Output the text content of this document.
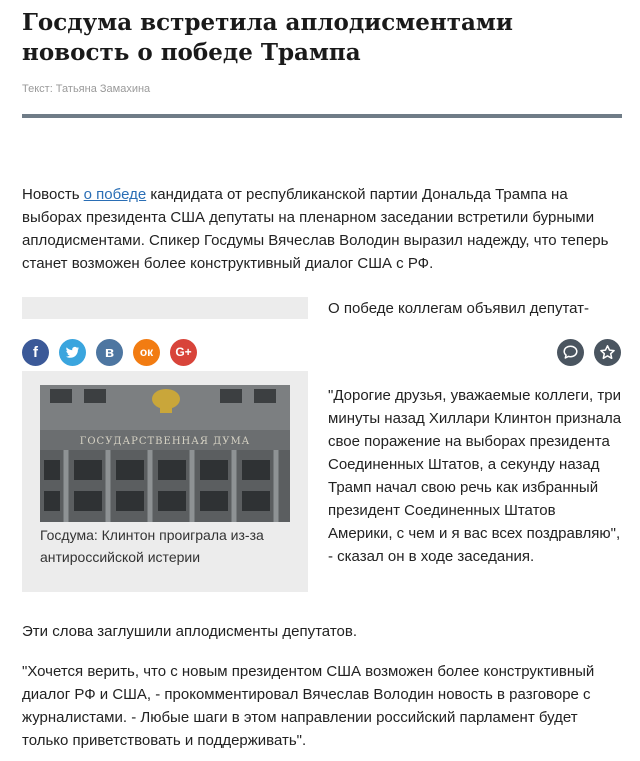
Госдума встретила аплодисментами новость о победе Трампа
Текст: Татьяна Замахина

Новость о победе кандидата от республиканской партии Дональда Трампа на выборах президента США депутаты на пленарном заседании встретили бурными аплодисментами. Спикер Госдумы Вячеслав Володин выразил надежду, что теперь станет возможен более конструктивный диалог США с РФ.

О победе коллегам объявил депутат-

f	в	ок	G+
ГОСУДАРСТВЕННАЯ ДУМА
Госдума: Клинтон проиграла из-за антироссийской истерии

"Дорогие друзья, уважаемые коллеги, три минуты назад Хиллари Клинтон признала свое поражение на выборах президента Соединенных Штатов, а секунду назад Трамп начал свою речь как избранный президент Соединенных Штатов Америки, с чем и я вас всех поздравляю", - сказал он в ходе заседания.

Эти слова заглушили аплодисменты депутатов.

"Хочется верить, что с новым президентом США возможен более конструктивный диалог РФ и США, - прокомментировал Вячеслав Володин новость в разговоре с журналистами. - Любые шаги в этом направлении российский парламент будет только приветствовать и поддерживать".
